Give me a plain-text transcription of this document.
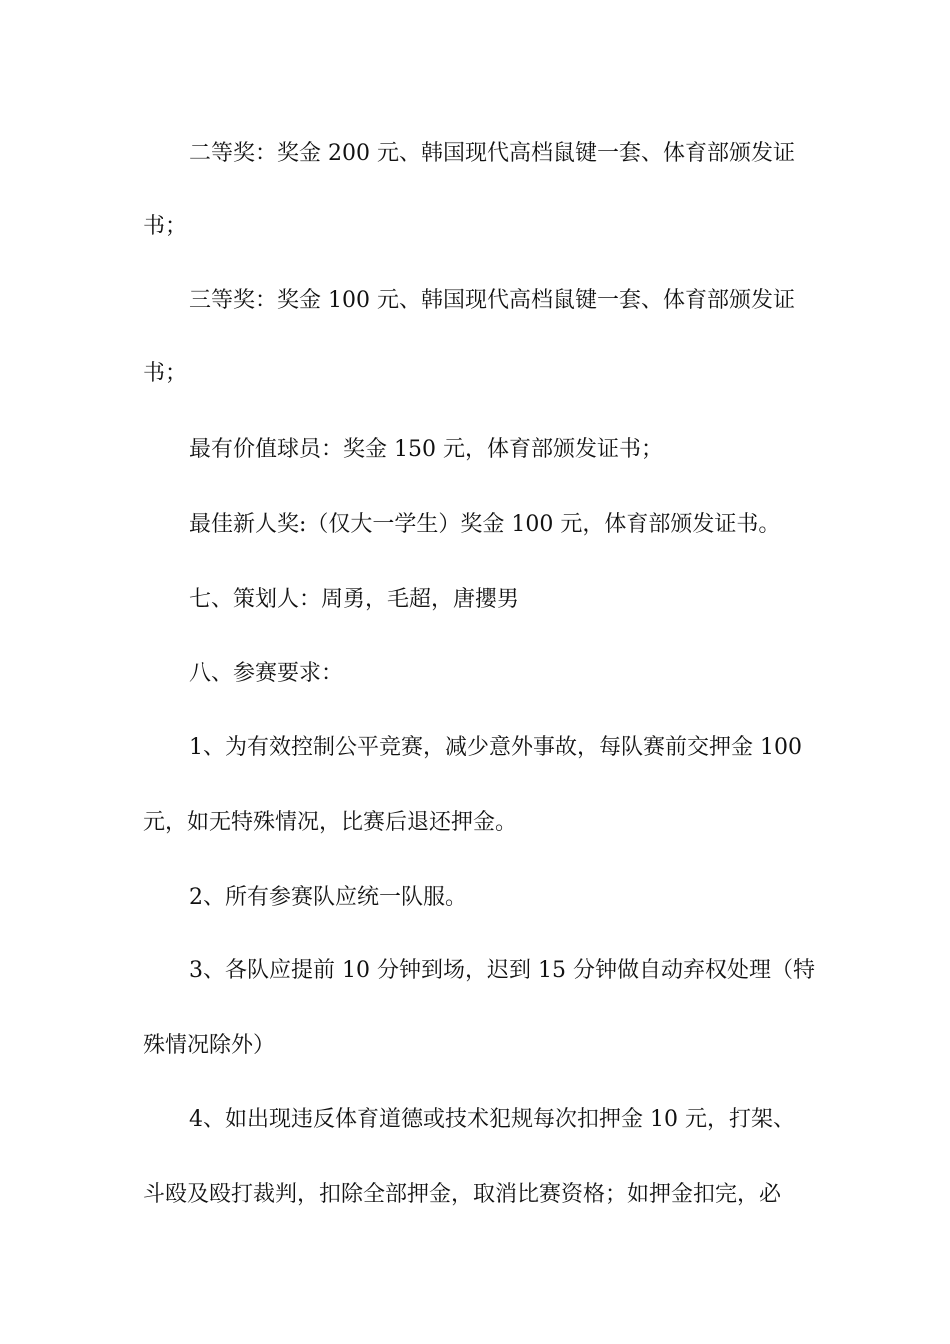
二等奖：奖金 200 元、韩国现代高档鼠键一套、体育部颁发证
书；
三等奖：奖金 100 元、韩国现代高档鼠键一套、体育部颁发证
书；
最有价值球员：奖金 150 元，体育部颁发证书；
最佳新人奖:（仅大一学生）奖金 100 元，体育部颁发证书。
七、策划人：周勇，毛超，唐攖男
八、参赛要求：
1、为有效控制公平竞赛，减少意外事故，每队赛前交押金 100
元，如无特殊情况，比赛后退还押金。
2、所有参赛队应统一队服。
3、各队应提前 10 分钟到场，迟到 15 分钟做自动弃权处理（特
殊情况除外）
4、如出现违反体育道德或技术犯规每次扣押金 10 元，打架、
斗殴及殴打裁判，扣除全部押金，取消比赛资格；如押金扣完，必
